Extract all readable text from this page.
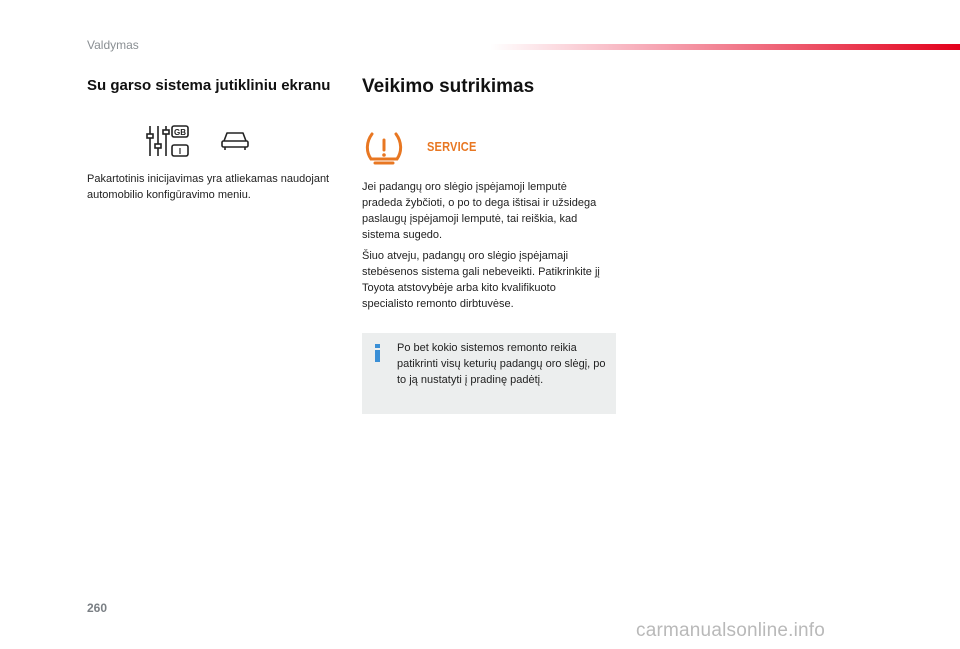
Valdymas
Su garso sistema jutikliniu ekranu
GB
I
Pakartotinis inicijavimas yra atliekamas naudojant automobilio konfigūravimo meniu.
Veikimo sutrikimas
SERVICE

Jei padangų oro slėgio įspėjamoji lemputė pradeda žybčioti, o po to dega ištisai ir užsidega paslaugų įspėjamoji lemputė, tai reiškia, kad sistema sugedo.

Šiuo atveju, padangų oro slėgio įspėjamaji stebėsenos sistema gali nebeveikti. Patikrinkite jį Toyota atstovybėje arba kito kvalifikuoto specialisto remonto dirbtuvėse.

Po bet kokio sistemos remonto reikia patikrinti visų keturių padangų oro slėgį, po to ją nustatyti į pradinę padėtį.

260
carmanualsonline.info
